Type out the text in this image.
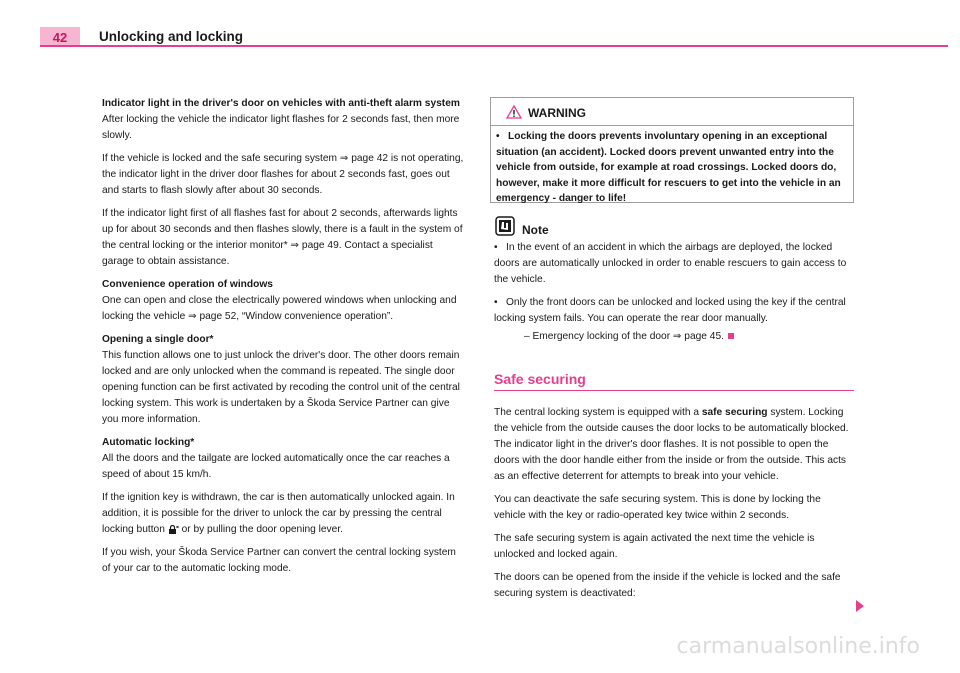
42	Unlocking and locking
Indicator light in the driver's door on vehicles with anti-theft alarm system

After locking the vehicle the indicator light flashes for 2 seconds fast, then more slowly.

If the vehicle is locked and the safe securing system ⇒ page 42 is not operating, the indicator light in the driver door flashes for about 2 seconds fast, goes out and starts to flash slowly after about 30 seconds.

If the indicator light first of all flashes fast for about 2 seconds, afterwards lights up for about 30 seconds and then flashes slowly, there is a fault in the system of the central locking or the interior monitor* ⇒ page 49. Contact a specialist garage to obtain assistance.

Convenience operation of windows

One can open and close the electrically powered windows when unlocking and locking the vehicle ⇒ page 52, “Window convenience operation”.

Opening a single door*

This function allows one to just unlock the driver's door. The other doors remain locked and are only unlocked when the command is repeated. The single door opening function can be first activated by recoding the control unit of the central locking system. This work is undertaken by a Škoda Service Partner can give you more information.

Automatic locking*

All the doors and the tailgate are locked automatically once the car reaches a speed of about 15 km/h.

If the ignition key is withdrawn, the car is then automatically unlocked again. In addition, it is possible for the driver to unlock the car by pressing the central locking button or by pulling the door opening lever.

If you wish, your Škoda Service Partner can convert the central locking system of your car to the automatic locking mode.

WARNING
• Locking the doors prevents involuntary opening in an exceptional situation (an accident). Locked doors prevent unwanted entry into the vehicle from outside, for example at road crossings. Locked doors do, however, make it more difficult for rescuers to get into the vehicle in an emergency - danger to life!
Note

• In the event of an accident in which the airbags are deployed, the locked doors are automatically unlocked in order to enable rescuers to gain access to the vehicle.

• Only the front doors can be unlocked and locked using the key if the central locking system fails. You can operate the rear door manually.

– Emergency locking of the door ⇒ page 45.

Safe securing

The central locking system is equipped with a safe securing system. Locking the vehicle from the outside causes the door locks to be automatically blocked. The indicator light in the driver's door flashes. It is not possible to open the doors with the door handle either from the inside or from the outside. This acts as an effective deterrent for attempts to break into your vehicle.

You can deactivate the safe securing system. This is done by locking the vehicle with the key or radio-operated key twice within 2 seconds.

The safe securing system is again activated the next time the vehicle is unlocked and locked again.

The doors can be opened from the inside if the vehicle is locked and the safe securing system is deactivated:

carmanualsonline.info
